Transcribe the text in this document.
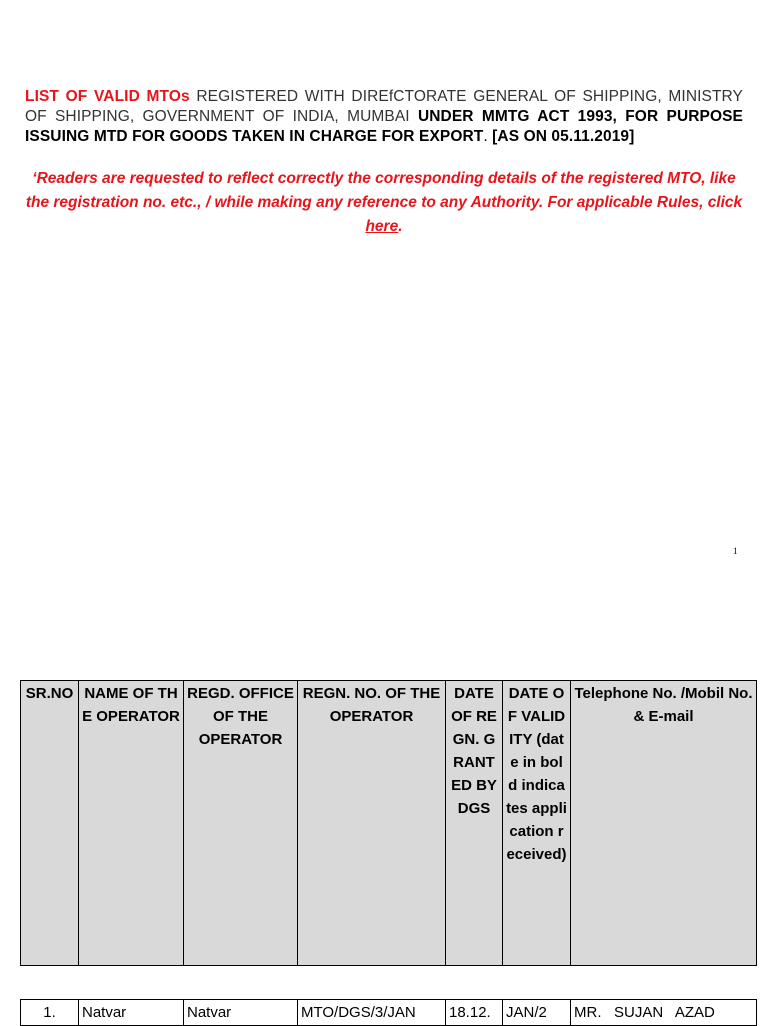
LIST OF VALID MTOs REGISTERED WITH DIREfCTORATE GENERAL OF SHIPPING, MINISTRY OF SHIPPING, GOVERNMENT OF INDIA, MUMBAI UNDER MMTG ACT 1993, FOR PURPOSE ISSUING MTD FOR GOODS TAKEN IN CHARGE FOR EXPORT. [AS ON 05.11.2019]
‘Readers are requested to reflect correctly the corresponding details of the registered MTO, like the registration no. etc., / while making any reference to any Authority. For applicable Rules, click here.
1
SR.NO	NAME OF THE OPERATOR	REGD. OFFICE OF THE OPERATOR	REGN. NO. OF THE OPERATOR	DATE OF REGN. GRANTED BY DGS	DATE OF VALIDITY (date in bold indicates application received)	Telephone No. /Mobil No. & E-mail
1.	Natvar	Natvar	MTO/DGS/3/JAN	18.12.	JAN/2	MR.   SUJAN   AZAD
